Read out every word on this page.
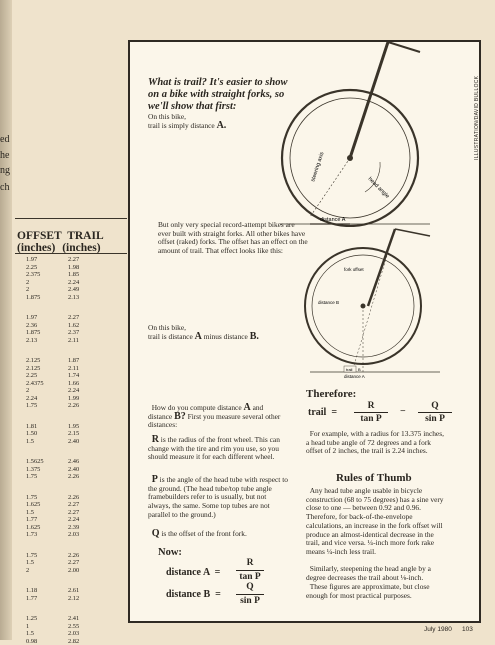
ed
he
ng
ch
OFFSET TRAIL
(inches) (inches)
1.97	2.27
2.25	1.98
2.375	1.85
2	2.24
2	2.49
1.875	2.13
1.97	2.27
2.36	1.62
1.875	2.37
2.13	2.11
2.125	1.87
2.125	2.11
2.25	1.74
2.4375	1.66
2	2.24
2.24	1.99
1.75	2.26
1.81	1.95
1.50	2.15
1.5	2.40
1.5625	2.46
1.375	2.40
1.75	2.26
1.75	2.26
1.625	2.27
1.5	2.27
1.77	2.24
1.625	2.39
1.73	2.03
1.75	2.26
1.5	2.27
2	2.00
1.18	2.61
1.77	2.12
1.25	2.41
1	2.55
1.5	2.03
0.98	2.82
ILLUSTRATION/DAVID BULLOCK
What is trail? It's easier to show on a bike with straight forks, so we'll show that first:
On this bike,
trail is simply distance A.
steering axis
head angle
distance A
But only very special record-attempt bikes are ever built with straight forks. All other bikes have offset (raked) forks. The offset has an effect on the amount of trail. That effect looks like this:
fork offset
distance B
trail B
distance A
On this bike,
trail is distance A minus distance B.
How do you compute distance A and distance B? First you measure several other distances:
R is the radius of the front wheel. This can change with the tire and rim you use, so you should measure it for each different wheel.
P is the angle of the head tube with respect to the ground. (The head tube/top tube angle framebuilders refer to is usually, but not always, the same. Some top tubes are not parallel to the ground.)
Q is the offset of the front fork.
Now:
distance A =
R
tan P
distance B =
Q
sin P
Therefore:
trail =
R
tan P
−	Q
sin P
For example, with a radius for 13.375 inches, a head tube angle of 72 degrees and a fork offset of 2 inches, the trail is 2.24 inches.
Rules of Thumb
Any head tube angle usable in bicycle construction (68 to 75 degrees) has a sine very close to one — between 0.92 and 0.96. Therefore, for back-of-the-envelope calculations, an increase in the fork offset will produce an almost-identical decrease in the trail, and vice versa. ¼-inch more fork rake means ¼-inch less trail.
Similarly, steepening the head angle by a degree decreases the trail about ⅛-inch.
These figures are approximate, but close enough for most practical purposes.
July 1980 103
